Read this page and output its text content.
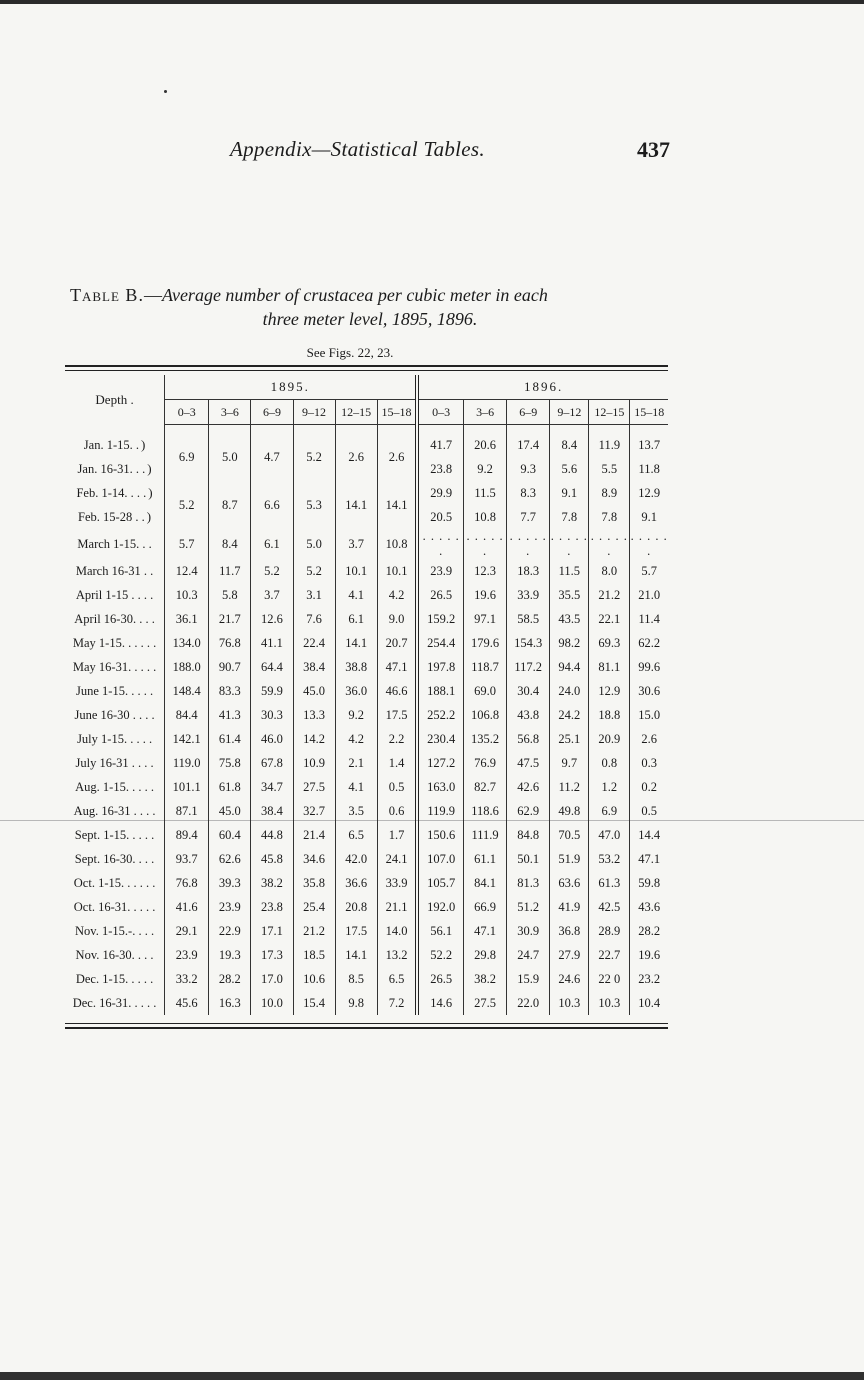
Appendix—Statistical Tables.	437
Table B.—Average number of crustacea per cubic meter in each
three meter level, 1895, 1896.
See Figs. 22, 23.
Depth .	1895.						1896.					
	0–3	3–6	6–9	9–12	12–15	15–18	0–3	3–6	6–9	9–12	12–15	15–18
Jan. 1-15. . )	6.9	5.0	4.7	5.2	2.6	2.6	41.7	20.6	17.4	8.4	11.9	13.7
Jan. 16-31. . . )							23.8	9.2	9.3	5.6	5.5	11.8
Feb. 1-14. . . . )	5.2	8.7	6.6	5.3	14.1	14.1	29.9	11.5	8.3	9.1	8.9	12.9
Feb. 15-28 . . )							20.5	10.8	7.7	7.8	7.8	9.1
March 1-15. . .	5.7	8.4	6.1	5.0	3.7	10.8	. . . . . .	. . . . . .	. . . . . .	. . . . . .	. . . . . .	. . . . . .
March 16-31 . .	12.4	11.7	5.2	5.2	10.1	10.1	23.9	12.3	18.3	11.5	8.0	5.7
April 1-15 . . . .	10.3	5.8	3.7	3.1	4.1	4.2	26.5	19.6	33.9	35.5	21.2	21.0
April 16-30. . . .	36.1	21.7	12.6	7.6	6.1	9.0	159.2	97.1	58.5	43.5	22.1	11.4
May 1-15. . . . . .	134.0	76.8	41.1	22.4	14.1	20.7	254.4	179.6	154.3	98.2	69.3	62.2
May 16-31. . . . .	188.0	90.7	64.4	38.4	38.8	47.1	197.8	118.7	117.2	94.4	81.1	99.6
June 1-15. . . . .	148.4	83.3	59.9	45.0	36.0	46.6	188.1	69.0	30.4	24.0	12.9	30.6
June 16-30 . . . .	84.4	41.3	30.3	13.3	9.2	17.5	252.2	106.8	43.8	24.2	18.8	15.0
July 1-15. . . . .	142.1	61.4	46.0	14.2	4.2	2.2	230.4	135.2	56.8	25.1	20.9	2.6
July 16-31 . . . .	119.0	75.8	67.8	10.9	2.1	1.4	127.2	76.9	47.5	9.7	0.8	0.3
Aug. 1-15. . . . .	101.1	61.8	34.7	27.5	4.1	0.5	163.0	82.7	42.6	11.2	1.2	0.2
Aug. 16-31 . . . .	87.1	45.0	38.4	32.7	3.5	0.6	119.9	118.6	62.9	49.8	6.9	0.5
Sept. 1-15. . . . .	89.4	60.4	44.8	21.4	6.5	1.7	150.6	111.9	84.8	70.5	47.0	14.4
Sept. 16-30. . . .	93.7	62.6	45.8	34.6	42.0	24.1	107.0	61.1	50.1	51.9	53.2	47.1
Oct. 1-15. . . . . .	76.8	39.3	38.2	35.8	36.6	33.9	105.7	84.1	81.3	63.6	61.3	59.8
Oct. 16-31. . . . .	41.6	23.9	23.8	25.4	20.8	21.1	192.0	66.9	51.2	41.9	42.5	43.6
Nov. 1-15.-. . . .	29.1	22.9	17.1	21.2	17.5	14.0	56.1	47.1	30.9	36.8	28.9	28.2
Nov. 16-30. . . .	23.9	19.3	17.3	18.5	14.1	13.2	52.2	29.8	24.7	27.9	22.7	19.6
Dec. 1-15. . . . .	33.2	28.2	17.0	10.6	8.5	6.5	26.5	38.2	15.9	24.6	22 0	23.2
Dec. 16-31. . . . .	45.6	16.3	10.0	15.4	9.8	7.2	14.6	27.5	22.0	10.3	10.3	10.4
